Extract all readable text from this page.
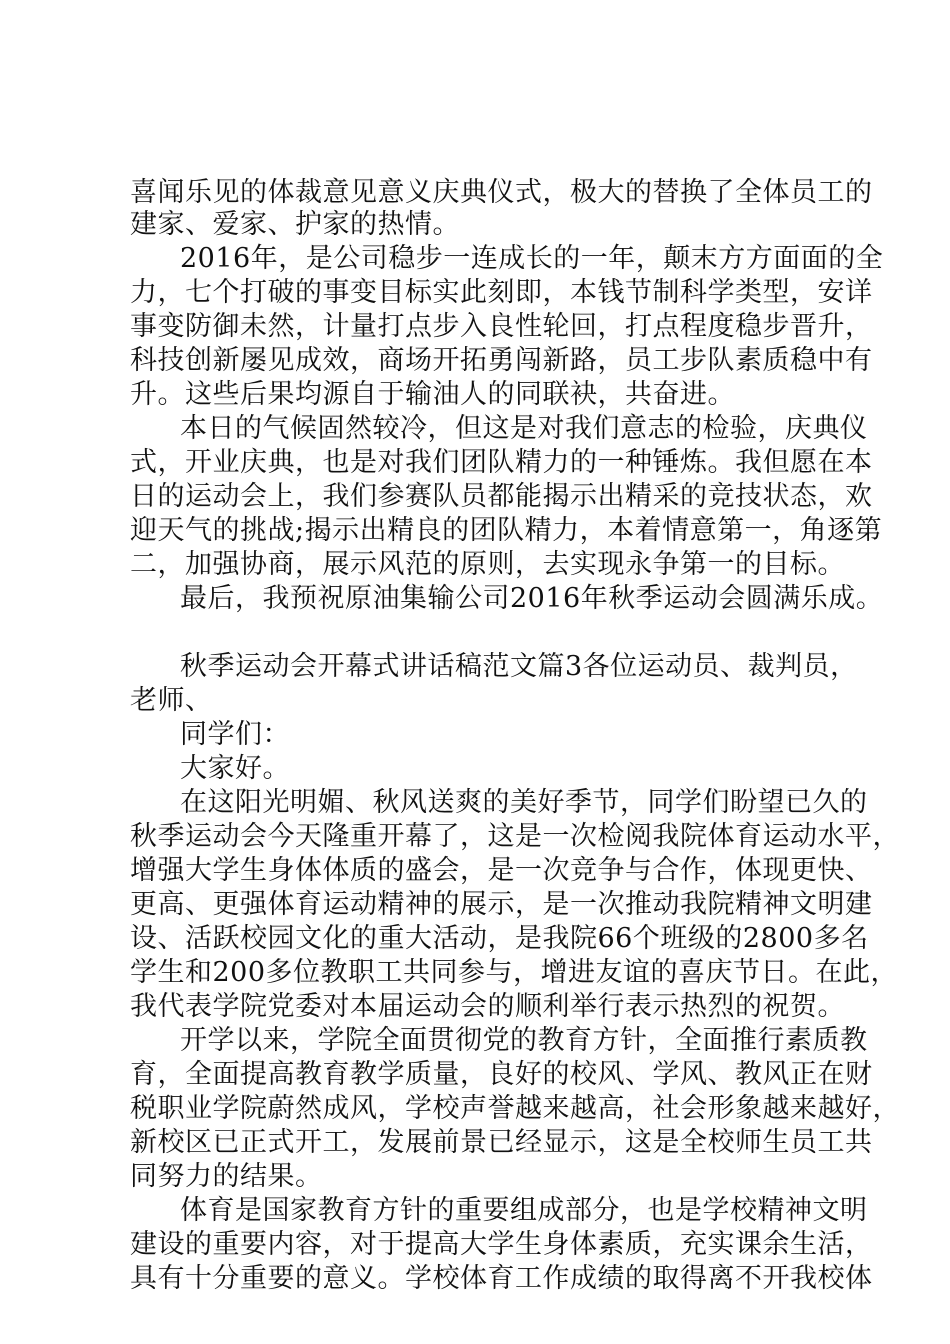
喜闻乐见的体裁意见意义庆典仪式，极大的替换了全体员工的
建家、爱家、护家的热情。
2016年，是公司稳步一连成长的一年，颠末方方面面的全
力，七个打破的事变目标实此刻即，本钱节制科学类型，安详
事变防御未然，计量打点步入良性轮回，打点程度稳步晋升，
科技创新屡见成效，商场开拓勇闯新路，员工步队素质稳中有
升。这些后果均源自于输油人的同联袂，共奋进。
本日的气候固然较冷，但这是对我们意志的检验，庆典仪
式，开业庆典，也是对我们团队精力的一种锤炼。我但愿在本
日的运动会上，我们参赛队员都能揭示出精采的竞技状态，欢
迎天气的挑战;揭示出精良的团队精力，本着情意第一，角逐第
二，加强协商，展示风范的原则，去实现永争第一的目标。
最后，我预祝原油集输公司2016年秋季运动会圆满乐成。
秋季运动会开幕式讲话稿范文篇3各位运动员、裁判员，
老师、
同学们：
大家好。
在这阳光明媚、秋风送爽的美好季节，同学们盼望已久的
秋季运动会今天隆重开幕了，这是一次检阅我院体育运动水平，
增强大学生身体体质的盛会，是一次竞争与合作，体现更快、
更高、更强体育运动精神的展示，是一次推动我院精神文明建
设、活跃校园文化的重大活动，是我院66个班级的2800多名
学生和200多位教职工共同参与，增进友谊的喜庆节日。在此，
我代表学院党委对本届运动会的顺利举行表示热烈的祝贺。
开学以来，学院全面贯彻党的教育方针，全面推行素质教
育，全面提高教育教学质量，良好的校风、学风、教风正在财
税职业学院蔚然成风，学校声誉越来越高，社会形象越来越好，
新校区已正式开工，发展前景已经显示，这是全校师生员工共
同努力的结果。
体育是国家教育方针的重要组成部分，也是学校精神文明
建设的重要内容，对于提高大学生身体素质，充实课余生活，
具有十分重要的意义。学校体育工作成绩的取得离不开我校体
